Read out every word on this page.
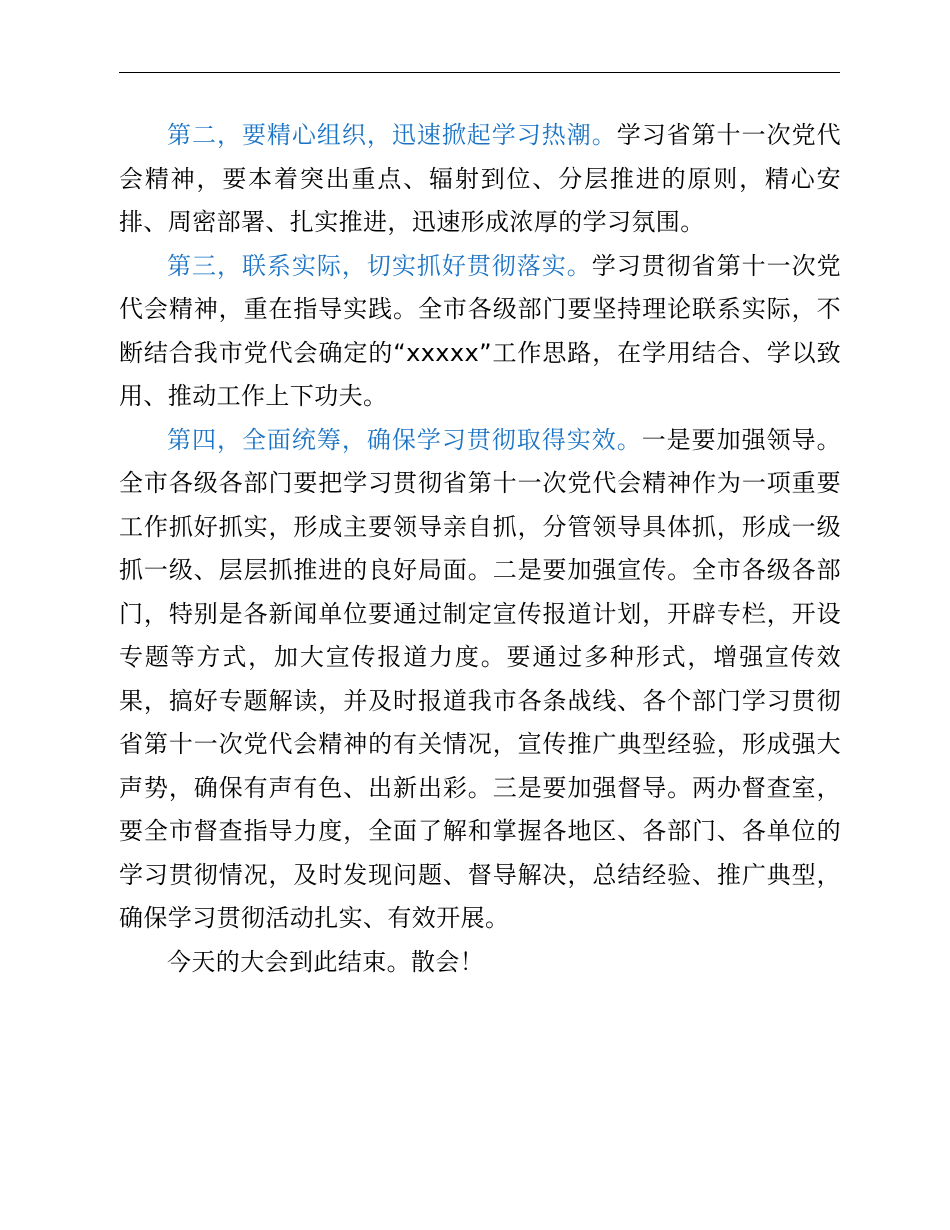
第二，要精心组织，迅速掀起学习热潮。学习省第十一次党代会精神，要本着突出重点、辐射到位、分层推进的原则，精心安排、周密部署、扎实推进，迅速形成浓厚的学习氛围。

第三，联系实际，切实抓好贯彻落实。学习贯彻省第十一次党代会精神，重在指导实践。全市各级部门要坚持理论联系实际，不断结合我市党代会确定的“xxxxx”工作思路，在学用结合、学以致用、推动工作上下功夫。

第四，全面统筹，确保学习贯彻取得实效。一是要加强领导。全市各级各部门要把学习贯彻省第十一次党代会精神作为一项重要工作抓好抓实，形成主要领导亲自抓，分管领导具体抓，形成一级抓一级、层层抓推进的良好局面。二是要加强宣传。全市各级各部门，特别是各新闻单位要通过制定宣传报道计划，开辟专栏，开设专题等方式，加大宣传报道力度。要通过多种形式，增强宣传效果，搞好专题解读，并及时报道我市各条战线、各个部门学习贯彻省第十一次党代会精神的有关情况，宣传推广典型经验，形成强大声势，确保有声有色、出新出彩。三是要加强督导。两办督查室，要全市督查指导力度，全面了解和掌握各地区、各部门、各单位的学习贯彻情况，及时发现问题、督导解决，总结经验、推广典型，确保学习贯彻活动扎实、有效开展。

今天的大会到此结束。散会！
